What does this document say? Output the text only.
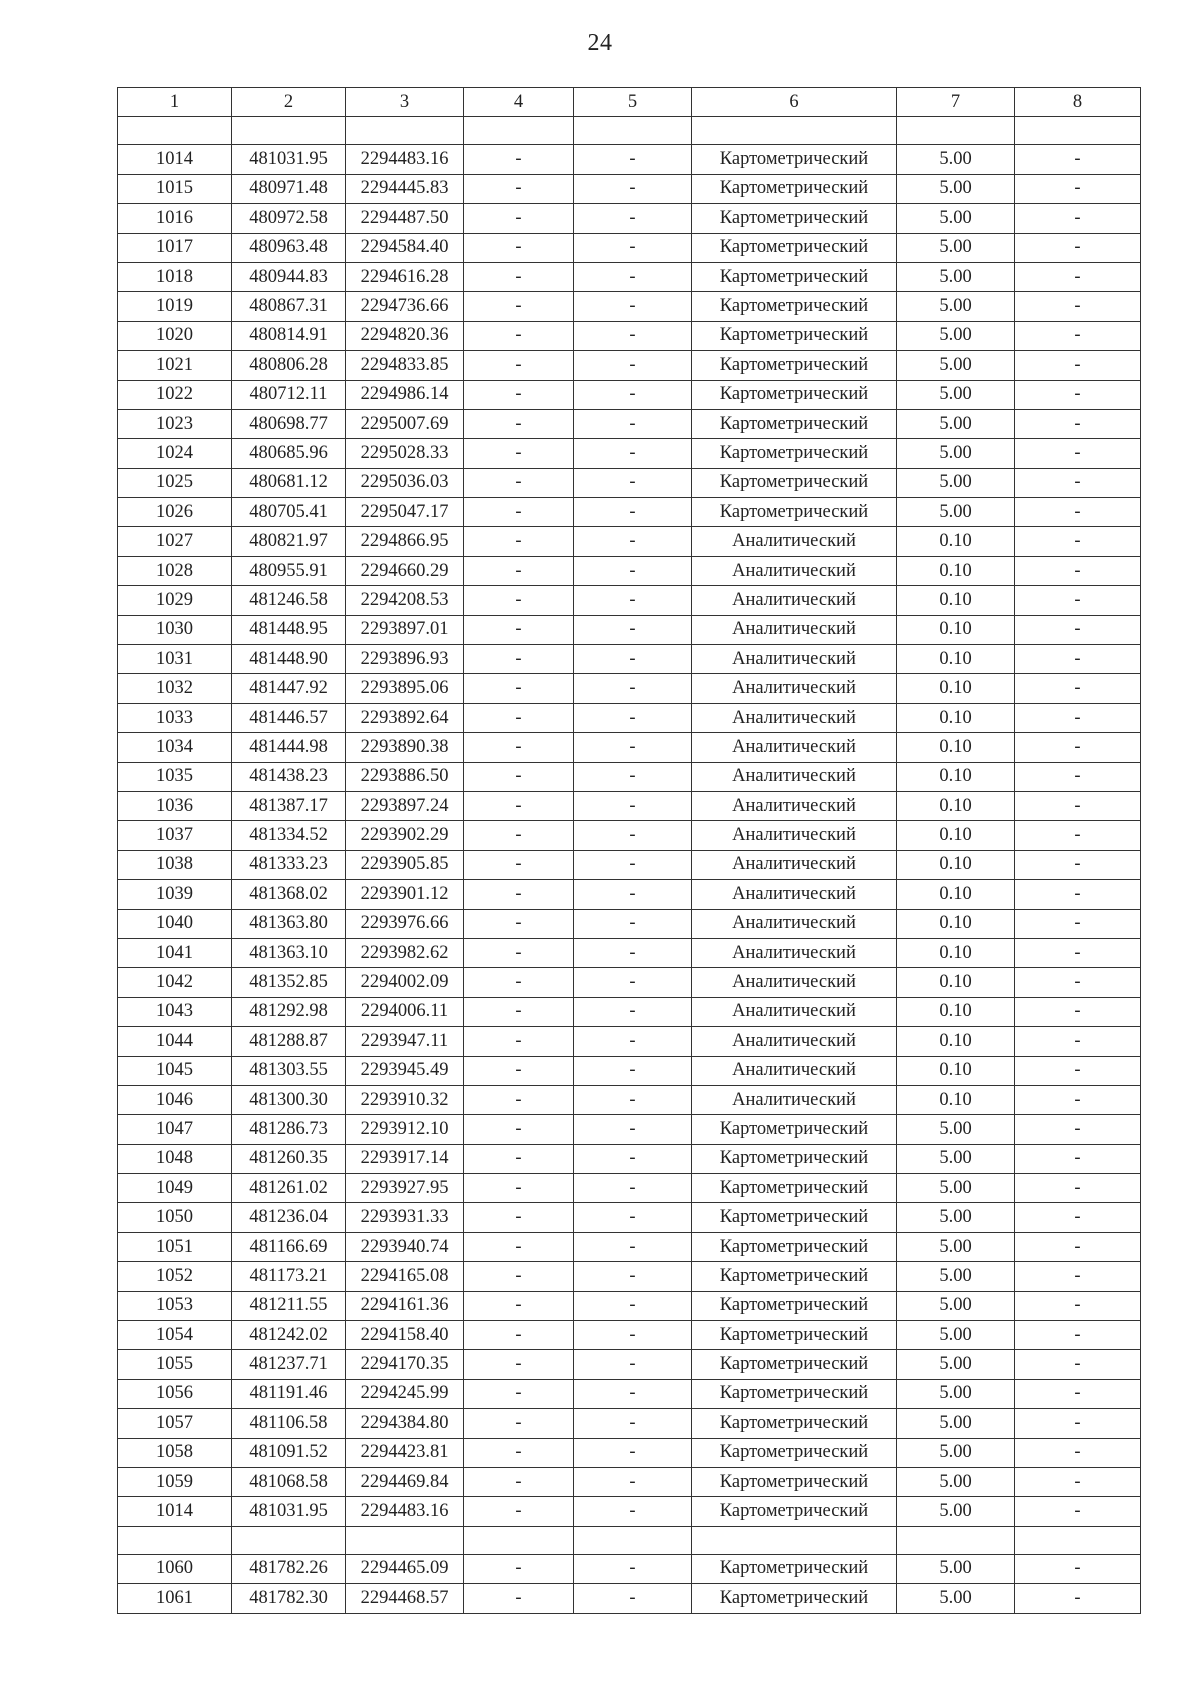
24
1	2	3	4	5	6	7	8

1014	481031.95	2294483.16	-	-	Картометрический	5.00	-
1015	480971.48	2294445.83	-	-	Картометрический	5.00	-
1016	480972.58	2294487.50	-	-	Картометрический	5.00	-
1017	480963.48	2294584.40	-	-	Картометрический	5.00	-
1018	480944.83	2294616.28	-	-	Картометрический	5.00	-
1019	480867.31	2294736.66	-	-	Картометрический	5.00	-
1020	480814.91	2294820.36	-	-	Картометрический	5.00	-
1021	480806.28	2294833.85	-	-	Картометрический	5.00	-
1022	480712.11	2294986.14	-	-	Картометрический	5.00	-
1023	480698.77	2295007.69	-	-	Картометрический	5.00	-
1024	480685.96	2295028.33	-	-	Картометрический	5.00	-
1025	480681.12	2295036.03	-	-	Картометрический	5.00	-
1026	480705.41	2295047.17	-	-	Картометрический	5.00	-
1027	480821.97	2294866.95	-	-	Аналитический	0.10	-
1028	480955.91	2294660.29	-	-	Аналитический	0.10	-
1029	481246.58	2294208.53	-	-	Аналитический	0.10	-
1030	481448.95	2293897.01	-	-	Аналитический	0.10	-
1031	481448.90	2293896.93	-	-	Аналитический	0.10	-
1032	481447.92	2293895.06	-	-	Аналитический	0.10	-
1033	481446.57	2293892.64	-	-	Аналитический	0.10	-
1034	481444.98	2293890.38	-	-	Аналитический	0.10	-
1035	481438.23	2293886.50	-	-	Аналитический	0.10	-
1036	481387.17	2293897.24	-	-	Аналитический	0.10	-
1037	481334.52	2293902.29	-	-	Аналитический	0.10	-
1038	481333.23	2293905.85	-	-	Аналитический	0.10	-
1039	481368.02	2293901.12	-	-	Аналитический	0.10	-
1040	481363.80	2293976.66	-	-	Аналитический	0.10	-
1041	481363.10	2293982.62	-	-	Аналитический	0.10	-
1042	481352.85	2294002.09	-	-	Аналитический	0.10	-
1043	481292.98	2294006.11	-	-	Аналитический	0.10	-
1044	481288.87	2293947.11	-	-	Аналитический	0.10	-
1045	481303.55	2293945.49	-	-	Аналитический	0.10	-
1046	481300.30	2293910.32	-	-	Аналитический	0.10	-
1047	481286.73	2293912.10	-	-	Картометрический	5.00	-
1048	481260.35	2293917.14	-	-	Картометрический	5.00	-
1049	481261.02	2293927.95	-	-	Картометрический	5.00	-
1050	481236.04	2293931.33	-	-	Картометрический	5.00	-
1051	481166.69	2293940.74	-	-	Картометрический	5.00	-
1052	481173.21	2294165.08	-	-	Картометрический	5.00	-
1053	481211.55	2294161.36	-	-	Картометрический	5.00	-
1054	481242.02	2294158.40	-	-	Картометрический	5.00	-
1055	481237.71	2294170.35	-	-	Картометрический	5.00	-
1056	481191.46	2294245.99	-	-	Картометрический	5.00	-
1057	481106.58	2294384.80	-	-	Картометрический	5.00	-
1058	481091.52	2294423.81	-	-	Картометрический	5.00	-
1059	481068.58	2294469.84	-	-	Картометрический	5.00	-
1014	481031.95	2294483.16	-	-	Картометрический	5.00	-

1060	481782.26	2294465.09	-	-	Картометрический	5.00	-
1061	481782.30	2294468.57	-	-	Картометрический	5.00	-
